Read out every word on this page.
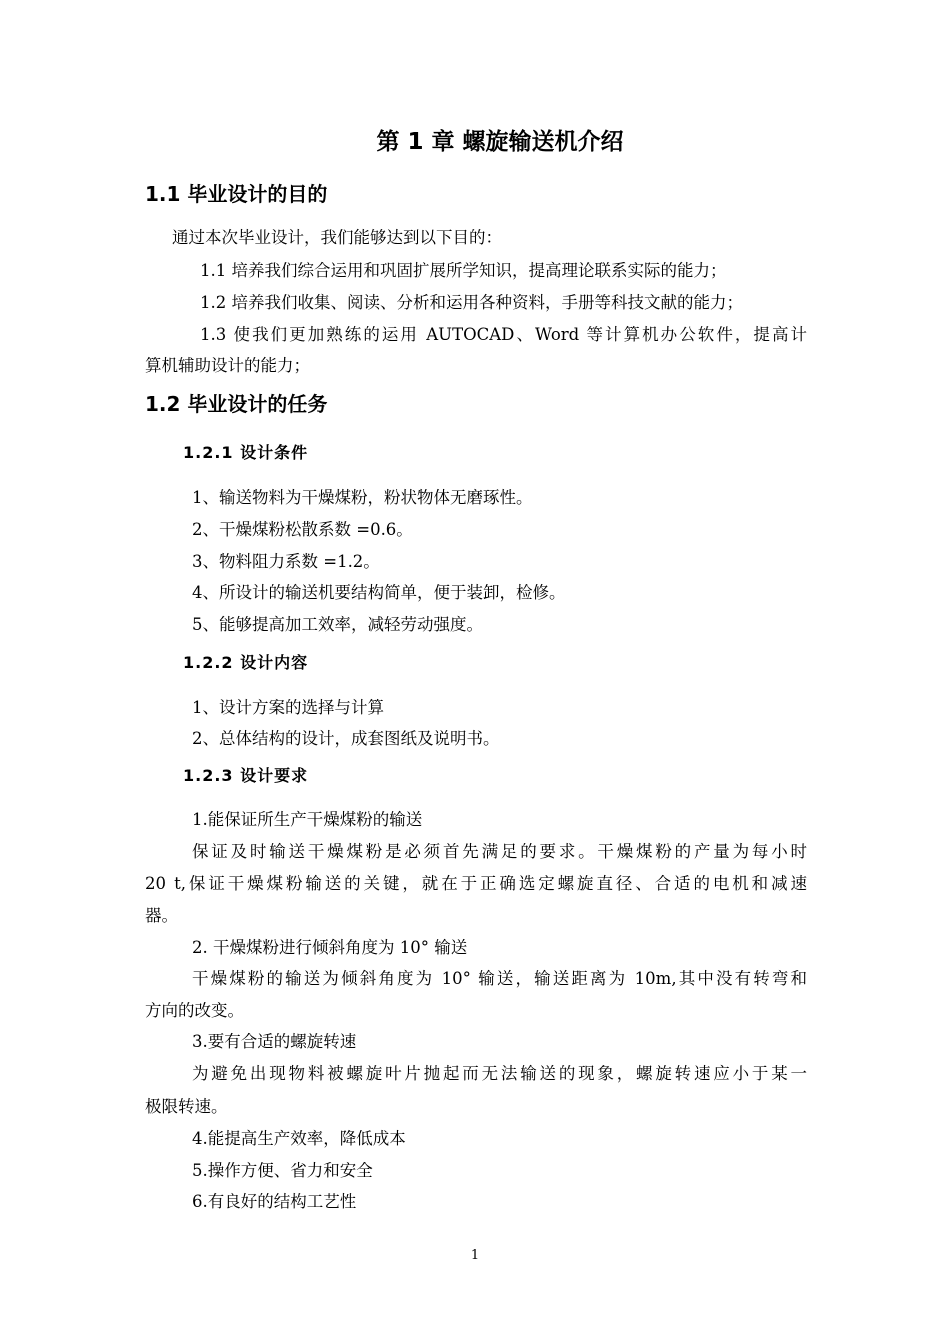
第 1 章 螺旋输送机介绍
1.1 毕业设计的目的
通过本次毕业设计，我们能够达到以下目的：
1.1 培养我们综合运用和巩固扩展所学知识，提高理论联系实际的能力；
1.2 培养我们收集、阅读、分析和运用各种资料，手册等科技文献的能力；
1.3 使我们更加熟练的运用 AUTOCAD、Word 等计算机办公软件，提高计
算机辅助设计的能力；
1.2 毕业设计的任务
1.2.1 设计条件
1、输送物料为干燥煤粉，粉状物体无磨琢性。
2、干燥煤粉松散系数 =0.6。
3、物料阻力系数 =1.2。
4、所设计的输送机要结构简单，便于装卸，检修。
5、能够提高加工效率，减轻劳动强度。
1.2.2 设计内容
1、设计方案的选择与计算
2、总体结构的设计，成套图纸及说明书。
1.2.3 设计要求
1.能保证所生产干燥煤粉的输送
保证及时输送干燥煤粉是必须首先满足的要求。干燥煤粉的产量为每小时
20 t,保证干燥煤粉输送的关键，就在于正确选定螺旋直径、合适的电机和减速
器。
2. 干燥煤粉进行倾斜角度为 10° 输送
干燥煤粉的输送为倾斜角度为 10° 输送，输送距离为 10m,其中没有转弯和
方向的改变。
3.要有合适的螺旋转速
为避免出现物料被螺旋叶片抛起而无法输送的现象，螺旋转速应小于某一
极限转速。
4.能提高生产效率，降低成本
5.操作方便、省力和安全
6.有良好的结构工艺性
1
